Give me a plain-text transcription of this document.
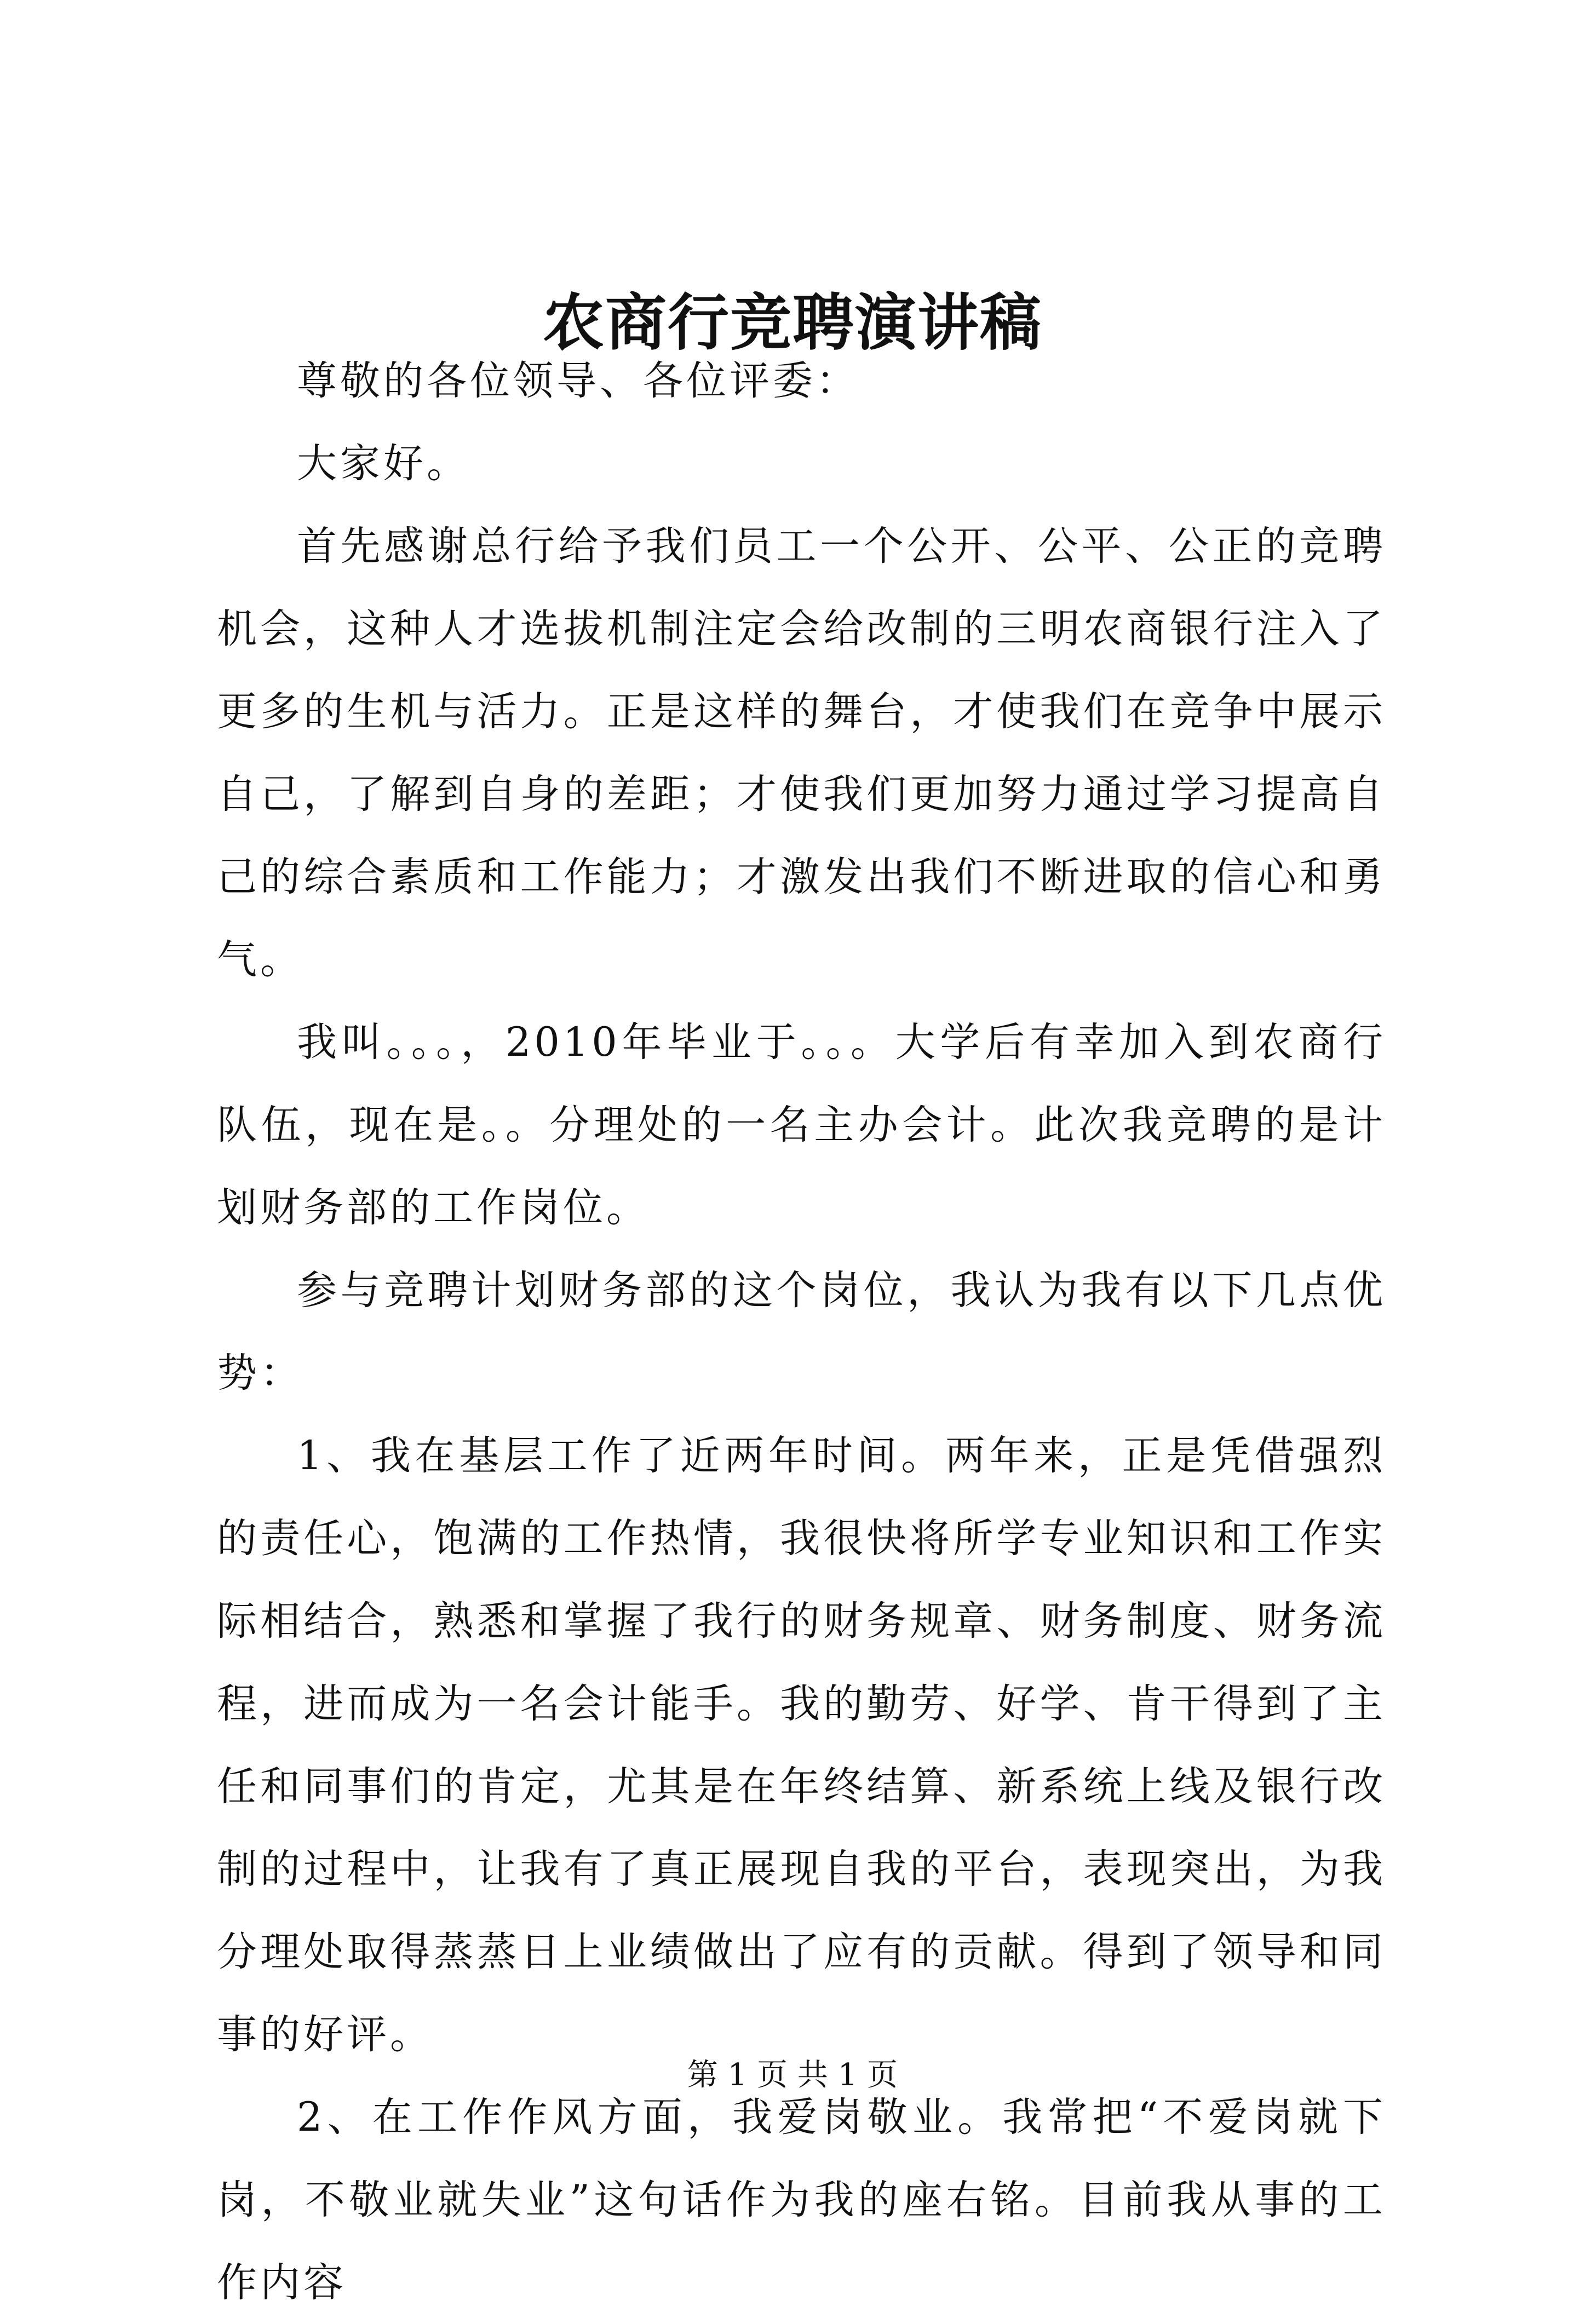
农商行竞聘演讲稿

尊敬的各位领导、各位评委：

大家好。

首先感谢总行给予我们员工一个公开、公平、公正的竞聘机会，这种人才选拔机制注定会给改制的三明农商银行注入了更多的生机与活力。正是这样的舞台，才使我们在竞争中展示自己，了解到自身的差距；才使我们更加努力通过学习提高自己的综合素质和工作能力；才激发出我们不断进取的信心和勇气。

我叫。。。，2010年毕业于。。。大学后有幸加入到农商行队伍，现在是。。分理处的一名主办会计。此次我竞聘的是计划财务部的工作岗位。

参与竞聘计划财务部的这个岗位，我认为我有以下几点优势：

1、我在基层工作了近两年时间。两年来，正是凭借强烈的责任心，饱满的工作热情，我很快将所学专业知识和工作实际相结合，熟悉和掌握了我行的财务规章、财务制度、财务流程，进而成为一名会计能手。我的勤劳、好学、肯干得到了主任和同事们的肯定，尤其是在年终结算、新系统上线及银行改制的过程中，让我有了真正展现自我的平台，表现突出，为我分理处取得蒸蒸日上业绩做出了应有的贡献。得到了领导和同事的好评。

2、在工作作风方面，我爱岗敬业。我常把“不爱岗就下岗，不敬业就失业”这句话作为我的座右铭。目前我从事的工作内容

第 1 页 共 1 页
